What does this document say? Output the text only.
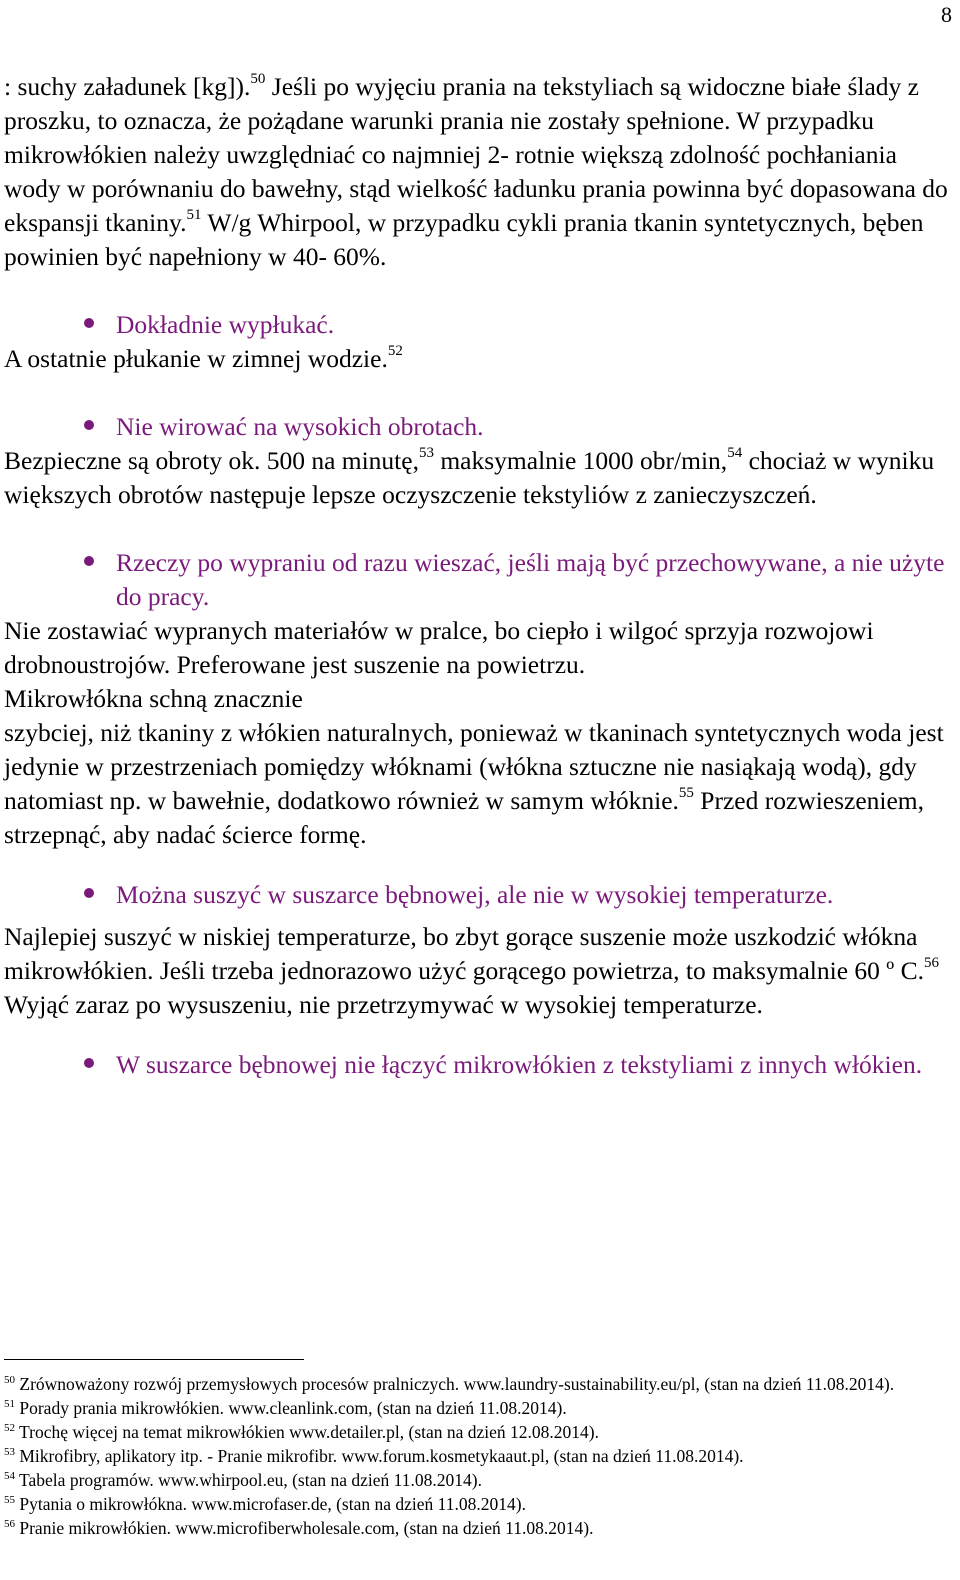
8

: suchy załadunek [kg]).$^{50}$ Jeśli po wyjęciu prania na tekstyliach są widoczne białe ślady z proszku, to oznacza, że pożądane warunki prania nie zostały spełnione. W przypadku mikrowłókien należy uwzględniać co najmniej 2- rotnie większą zdolność pochłaniania wody w porównaniu do bawełny, stąd wielkość ładunku prania powinna być dopasowana do ekspansji tkaniny.$^{51}$ W/g Whirpool, w przypadku cykli prania tkanin syntetycznych, bęben powinien być napełniony w 40- 60%.

Dokładnie wypłukać.

A ostatnie płukanie w zimnej wodzie.$^{52}$

Nie wirować na wysokich obrotach.

Bezpieczne są obroty ok. 500 na minutę,$^{53}$ maksymalnie 1000 obr/min,$^{54}$ chociaż w wyniku większych obrotów następuje lepsze oczyszczenie tekstyliów z zanieczyszczeń.

Rzeczy po wypraniu od razu wieszać, jeśli mają być przechowywane, a nie użyte do pracy.

Nie zostawiać wypranych materiałów w pralce, bo ciepło i wilgoć sprzyja rozwojowi drobnoustrojów. Preferowane jest suszenie na powietrzu.
Mikrowłókna schną znacznie
szybciej, niż tkaniny z włókien naturalnych, ponieważ w tkaninach syntetycznych woda jest jedynie w przestrzeniach pomiędzy włóknami (włókna sztuczne nie nasiąkają wodą), gdy natomiast np. w bawełnie, dodatkowo również w samym włóknie.$^{55}$ Przed rozwieszeniem, strzepnąć, aby nadać ścierce formę.

Można suszyć w suszarce bębnowej, ale nie w wysokiej temperaturze.

Najlepiej suszyć w niskiej temperaturze, bo zbyt gorące suszenie może uszkodzić włókna mikrowłókien. Jeśli trzeba jednorazowo użyć gorącego powietrza, to maksymalnie 60 º C.$^{56}$ Wyjąć zaraz po wysuszeniu, nie przetrzymywać w wysokiej temperaturze.

W suszarce bębnowej nie łączyć mikrowłókien z tekstyliami z innych włókien.

$^{50}$ Zrównoważony rozwój przemysłowych procesów pralniczych. www.laundry-sustainability.eu/pl, (stan na dzień 11.08.2014).

$^{51}$ Porady prania mikrowłókien. www.cleanlink.com, (stan na dzień 11.08.2014).

$^{52}$ Trochę więcej na temat mikrowłókien www.detailer.pl, (stan na dzień 12.08.2014).

$^{53}$ Mikrofibry, aplikatory itp. - Pranie mikrofibr. www.forum.kosmetykaaut.pl, (stan na dzień 11.08.2014).

$^{54}$ Tabela programów. www.whirpool.eu, (stan na dzień 11.08.2014).

$^{55}$ Pytania o mikrowłókna. www.microfaser.de, (stan na dzień 11.08.2014).

$^{56}$ Pranie mikrowłókien. www.microfiberwholesale.com, (stan na dzień 11.08.2014).
